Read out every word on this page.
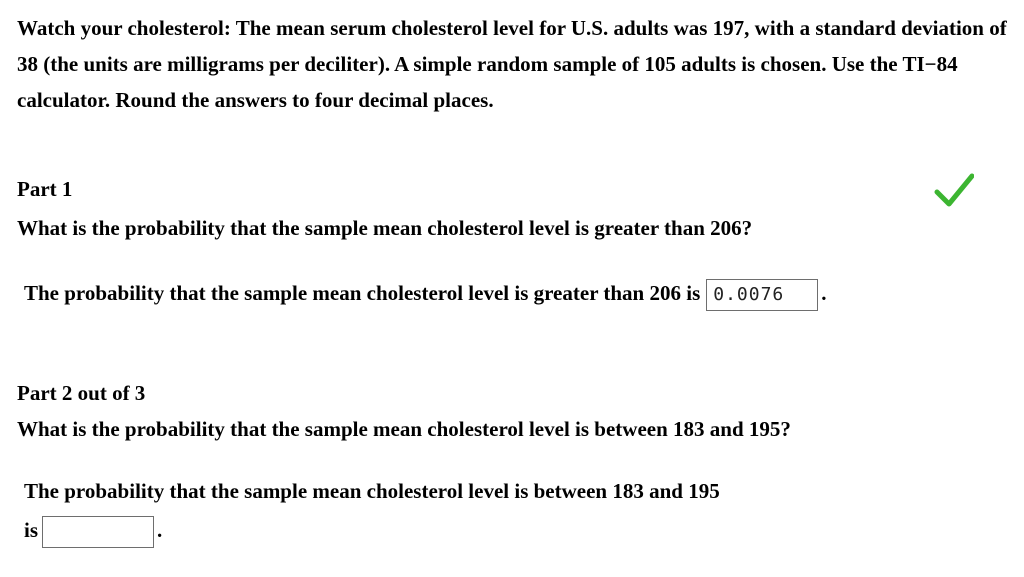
Watch your cholesterol: The mean serum cholesterol level for U.S. adults was 197, with a standard deviation of 38 (the units are milligrams per deciliter). A simple random sample of 105 adults is chosen. Use the TI−84 calculator. Round the answers to four decimal places.
Part 1
What is the probability that the sample mean cholesterol level is greater than 206?
The probability that the sample mean cholesterol level is greater than 206 is 0.0076 .
Part 2 out of 3
What is the probability that the sample mean cholesterol level is between 183 and 195?
The probability that the sample mean cholesterol level is between 183 and 195
is	.
